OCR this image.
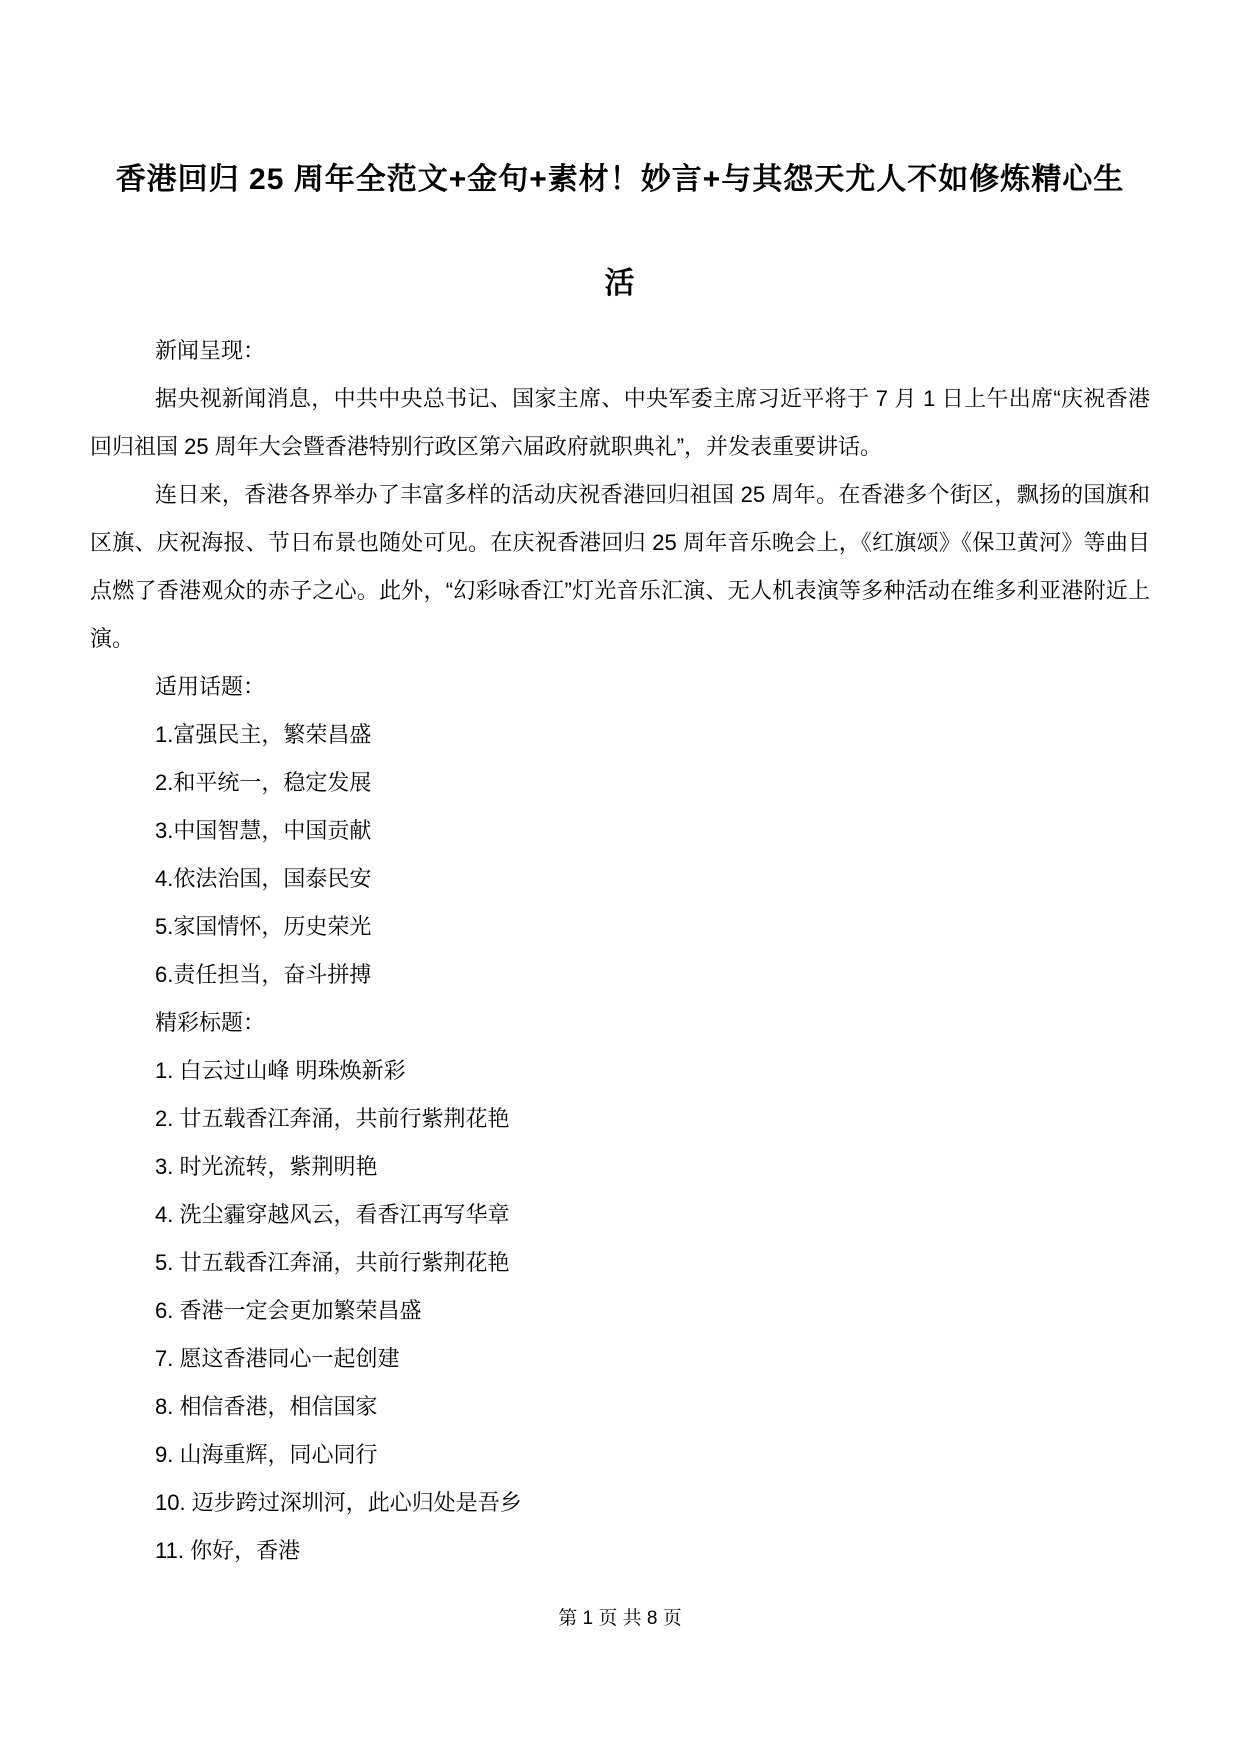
香港回归 25 周年全范文+金句+素材！妙言+与其怨天尤人不如修炼精心生
活

新闻呈现：

据央视新闻消息，中共中央总书记、国家主席、中央军委主席习近平将于 7 月 1 日上午出席“庆祝香港回归祖国 25 周年大会暨香港特别行政区第六届政府就职典礼”，并发表重要讲话。

连日来，香港各界举办了丰富多样的活动庆祝香港回归祖国 25 周年。在香港多个街区，飘扬的国旗和区旗、庆祝海报、节日布景也随处可见。在庆祝香港回归 25 周年音乐晚会上，《红旗颂》《保卫黄河》等曲目点燃了香港观众的赤子之心。此外，“幻彩咏香江”灯光音乐汇演、无人机表演等多种活动在维多利亚港附近上演。

适用话题：

1.富强民主，繁荣昌盛

2.和平统一，稳定发展

3.中国智慧，中国贡献

4.依法治国，国泰民安

5.家国情怀，历史荣光

6.责任担当，奋斗拼搏

精彩标题：

1. 白云过山峰 明珠焕新彩

2. 廿五载香江奔涌，共前行紫荆花艳

3. 时光流转，紫荆明艳

4. 洗尘霾穿越风云，看香江再写华章

5. 廿五载香江奔涌，共前行紫荆花艳

6. 香港一定会更加繁荣昌盛

7. 愿这香港同心一起创建

8. 相信香港，相信国家

9. 山海重辉，同心同行

10. 迈步跨过深圳河，此心归处是吾乡

11. 你好，香港

第 1 页 共 8 页
